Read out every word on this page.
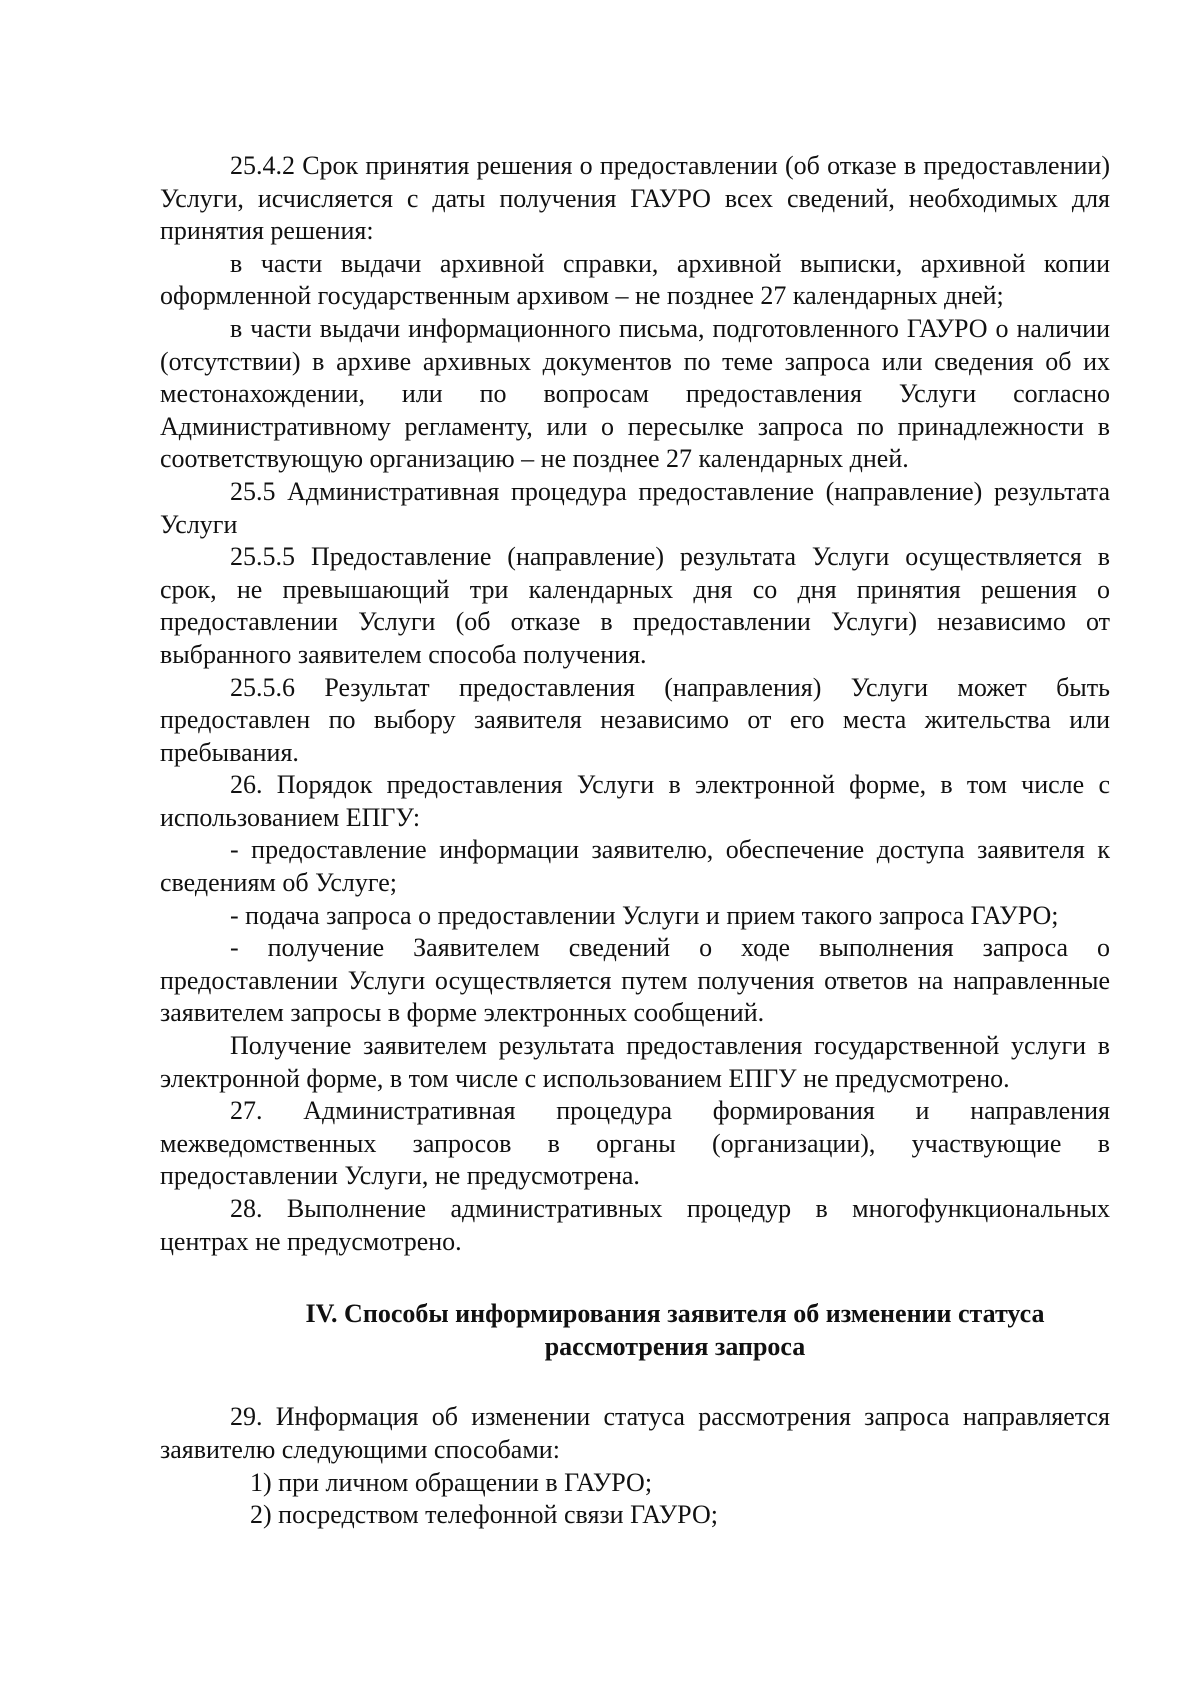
25.4.2 Срок принятия решения о предоставлении (об отказе в предоставлении) Услуги, исчисляется с даты получения ГАУРО всех сведений, необходимых для принятия решения:

в части выдачи архивной справки, архивной выписки, архивной копии оформленной государственным архивом – не позднее 27 календарных дней;

в части выдачи информационного письма, подготовленного ГАУРО о наличии (отсутствии) в архиве архивных документов по теме запроса или сведения об их местонахождении, или по вопросам предоставления Услуги согласно Административному регламенту, или о пересылке запроса по принадлежности в соответствующую организацию – не позднее 27 календарных дней.

25.5 Административная процедура предоставление (направление) результата Услуги

25.5.5 Предоставление (направление) результата Услуги осуществляется в срок, не превышающий три календарных дня со дня принятия решения о предоставлении Услуги (об отказе в предоставлении Услуги) независимо от выбранного заявителем способа получения.

25.5.6 Результат предоставления (направления) Услуги может быть предоставлен по выбору заявителя независимо от его места жительства или пребывания.

26. Порядок предоставления Услуги в электронной форме, в том числе с использованием ЕПГУ:

- предоставление информации заявителю, обеспечение доступа заявителя к сведениям об Услуге;

- подача запроса о предоставлении Услуги и прием такого запроса ГАУРО;

- получение Заявителем сведений о ходе выполнения запроса о предоставлении Услуги осуществляется путем получения ответов на направленные заявителем запросы в форме электронных сообщений.

Получение заявителем результата предоставления государственной услуги в электронной форме, в том числе с использованием ЕПГУ не предусмотрено.

27. Административная процедура формирования и направления межведомственных запросов в органы (организации), участвующие в предоставлении Услуги, не предусмотрена.

28. Выполнение административных процедур в многофункциональных центрах не предусмотрено.

IV. Способы информирования заявителя об изменении статуса
рассмотрения запроса

29. Информация об изменении статуса рассмотрения запроса направляется заявителю следующими способами:

1) при личном обращении в ГАУРО;

2) посредством телефонной связи ГАУРО;
